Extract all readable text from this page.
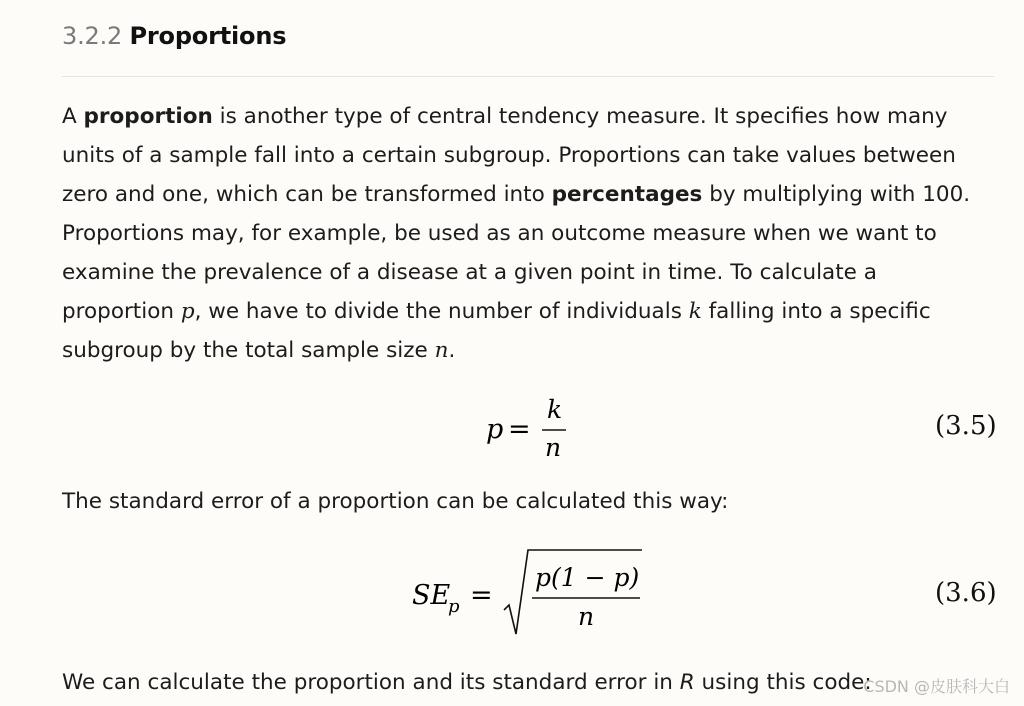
3.2.2 Proportions
A proportion is another type of central tendency measure. It specifies how many units of a sample fall into a certain subgroup. Proportions can take values between zero and one, which can be transformed into percentages by multiplying with 100. Proportions may, for example, be used as an outcome measure when we want to examine the prevalence of a disease at a given point in time. To calculate a proportion p, we have to divide the number of individuals k falling into a specific subgroup by the total sample size n.
p =
k
n
(3.5)
The standard error of a proportion can be calculated this way:
SE
p =
p(1 − p)
n
(3.6)
We can calculate the proportion and its standard error in R using this code:
CSDN @皮肤科大白
